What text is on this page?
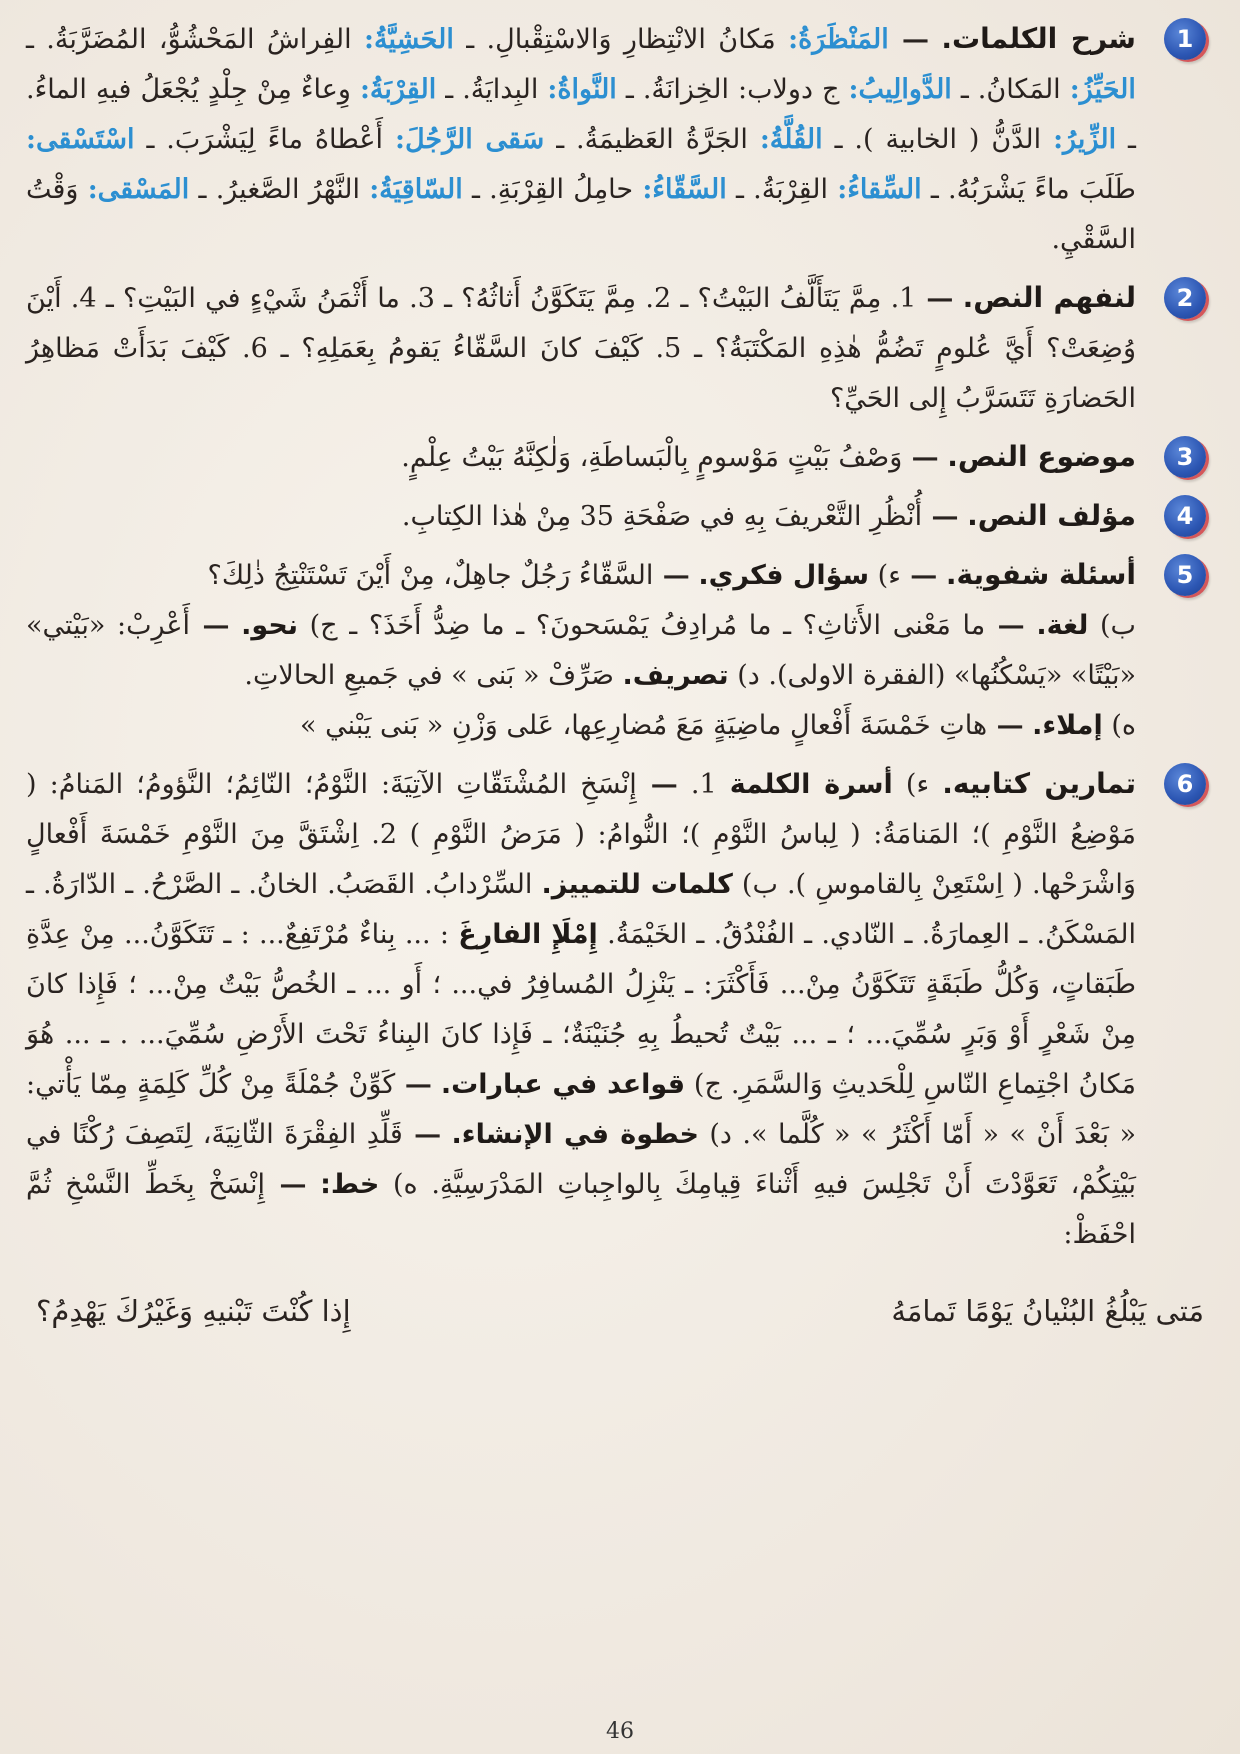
1
شرح الكلمات. — المَنْظَرَةُ: مَكانُ الانْتِظارِ وَالاسْتِقْبالِ. ـ الحَشِيَّةُ: الفِراشُ المَحْشُوُّ، المُضَرَّبَةُ. ـ الحَيِّزُ: المَكانُ. ـ الدَّوالِيبُ: ج دولاب: الخِزانَةُ. ـ النَّواةُ: البِدايَةُ. ـ القِرْبَةُ: وِعاءٌ مِنْ جِلْدٍ يُجْعَلُ فيهِ الماءُ. ـ الزِّيرُ: الدَّنُّ ( الخابية ). ـ القُلَّةُ: الجَرَّةُ العَظيمَةُ. ـ سَقى الرَّجُلَ: أَعْطاهُ ماءً لِيَشْرَبَ. ـ اسْتَسْقى: طَلَبَ ماءً يَشْرَبُهُ. ـ السِّقاءُ: القِرْبَةُ. ـ السَّقّاءُ: حامِلُ القِرْبَةِ. ـ السّاقِيَةُ: النَّهْرُ الصَّغيرُ. ـ المَسْقى: وَقْتُ السَّقْيِ.
2
لنفهم النص. — 1. مِمَّ يَتَأَلَّفُ البَيْتُ؟ ـ 2. مِمَّ يَتَكَوَّنُ أَثاثُهُ؟ ـ 3. ما أَثْمَنُ شَيْءٍ في البَيْتِ؟ ـ 4. أَيْنَ وُضِعَتْ؟ أَيَّ عُلومٍ تَضُمُّ هٰذِهِ المَكْتَبَةُ؟ ـ 5. كَيْفَ كانَ السَّقّاءُ يَقومُ بِعَمَلِهِ؟ ـ 6. كَيْفَ بَدَأَتْ مَظاهِرُ الحَضارَةِ تَتَسَرَّبُ إِلى الحَيِّ؟
3
موضوع النص. — وَصْفُ بَيْتٍ مَوْسومٍ بِالْبَساطَةِ، وَلٰكِنَّهُ بَيْتُ عِلْمٍ.
4
مؤلف النص. — أُنْظُرِ التَّعْريفَ بِهِ في صَفْحَةِ 35 مِنْ هٰذا الكِتابِ.
5
أسئلة شفوية. — ء) سؤال فكري. — السَّقّاءُ رَجُلٌ جاهِلٌ، مِنْ أَيْنَ تَسْتَنْتِجُ ذٰلِكَ؟
ب) لغة. — ما مَعْنى الأَثاثِ؟ ـ ما مُرادِفُ يَمْسَحونَ؟ ـ ما ضِدُّ أَخَذَ؟ ـ ج) نحو. — أَعْرِبْ: «بَيْتي» «بَيْتًا» «يَسْكُنُها» (الفقرة الاولى). د) تصريف. صَرِّفْ « بَنى » في جَميعِ الحالاتِ.
ه) إملاء. — هاتِ خَمْسَةَ أَفْعالٍ ماضِيَةٍ مَعَ مُضارِعِها، عَلى وَزْنِ « بَنى يَبْني »
6
تمارين كتابيه. ء) أسرة الكلمة 1. — إِنْسَخِ المُشْتَقّاتِ الآتِيَةَ: النَّوْمُ؛ النّائِمُ؛ النَّؤومُ؛ المَنامُ: ( مَوْضِعُ النَّوْمِ )؛ المَنامَةُ: ( لِباسُ النَّوْمِ )؛ النُّوامُ: ( مَرَضُ النَّوْمِ ) 2. اِشْتَقَّ مِنَ النَّوْمِ خَمْسَةَ أَفْعالٍ وَاشْرَحْها. ( اِسْتَعِنْ بِالقاموسِ ). ب) كلمات للتمييز. السِّرْدابُ. القَصَبُ. الخانُ. ـ الصَّرْحُ. ـ الدّارَةُ. ـ المَسْكَنُ. ـ العِمارَةُ. ـ النّادي. ـ الفُنْدُقُ. ـ الخَيْمَةُ. إِمْلَإِ الفارِغَ : ... بِناءٌ مُرْتَفِعٌ... : ـ تَتَكَوَّنُ... مِنْ عِدَّةِ طَبَقاتٍ، وَكُلُّ طَبَقَةٍ تَتَكَوَّنُ مِنْ... فَأَكْثَرَ: ـ يَنْزِلُ المُسافِرُ في... ؛ أَو ... ـ الخُصُّ بَيْتٌ مِنْ... ؛ فَإِذا كانَ مِنْ شَعْرٍ أَوْ وَبَرٍ سُمِّيَ... ؛ ـ ... بَيْتٌ تُحيطُ بِهِ جُنَيْنَةٌ؛ ـ فَإِذا كانَ البِناءُ تَحْتَ الأَرْضِ سُمِّيَ... . ـ ... هُوَ مَكانُ اجْتِماعِ النّاسِ لِلْحَديثِ وَالسَّمَرِ. ج) قواعد في عبارات. — كَوِّنْ جُمْلَةً مِنْ كُلِّ كَلِمَةٍ مِمّا يَأْتي: « بَعْدَ أَنْ » « أَمّا أَكْثَرُ » « كُلَّما ». د) خطوة في الإنشاء. — قَلِّدِ الفِقْرَةَ الثّانِيَةَ، لِتَصِفَ رُكْنًا في بَيْتِكُمْ، تَعَوَّدْتَ أَنْ تَجْلِسَ فيهِ أَثْناءَ قِيامِكَ بِالواجِباتِ المَدْرَسِيَّةِ. ه) خط: — إِنْسَخْ بِخَطِّ النَّسْخِ ثُمَّ احْفَظْ:
مَتى يَبْلُغُ البُنْيانُ يَوْمًا تَمامَهُ
إِذا كُنْتَ تَبْنيهِ وَغَيْرُكَ يَهْدِمُ؟
46
